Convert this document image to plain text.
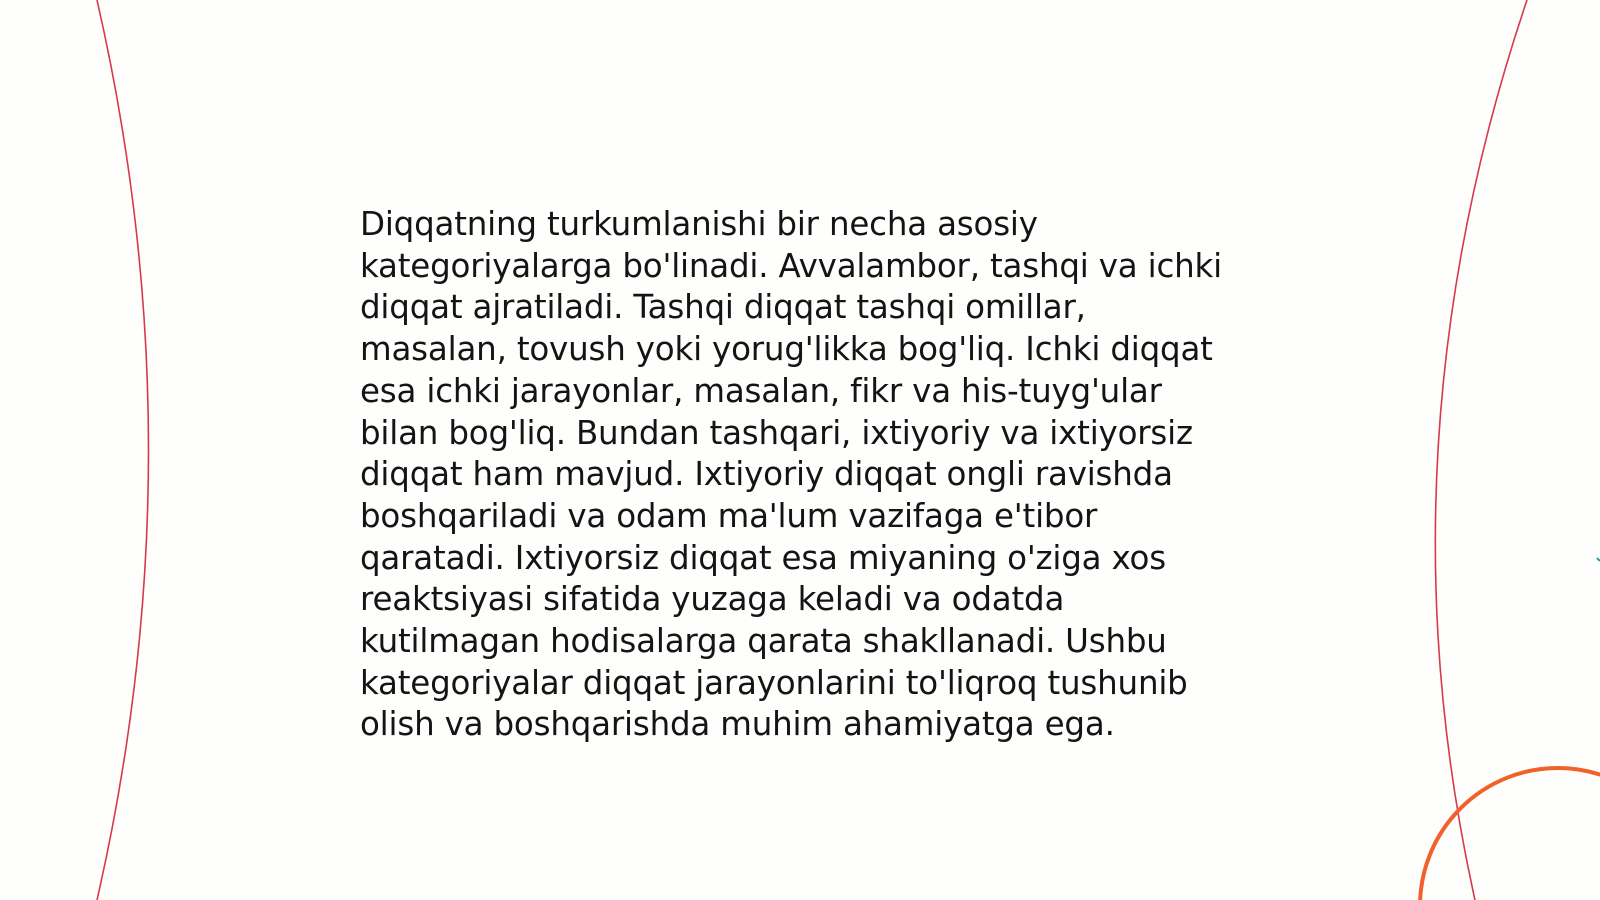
Diqqatning turkumlanishi bir necha asosiy kategoriyalarga bo'linadi. Avvalambor, tashqi va ichki diqqat ajratiladi. Tashqi diqqat tashqi omillar, masalan, tovush yoki yorug'likka bog'liq. Ichki diqqat esa ichki jarayonlar, masalan, fikr va his-tuyg'ular bilan bog'liq. Bundan tashqari, ixtiyoriy va ixtiyorsiz diqqat ham mavjud. Ixtiyoriy diqqat ongli ravishda boshqariladi va odam ma'lum vazifaga e'tibor qaratadi. Ixtiyorsiz diqqat esa miyaning o'ziga xos reaktsiyasi sifatida yuzaga keladi va odatda kutilmagan hodisalarga qarata shakllanadi. Ushbu kategoriyalar diqqat jarayonlarini to'liqroq tushunib olish va boshqarishda muhim ahamiyatga ega.
